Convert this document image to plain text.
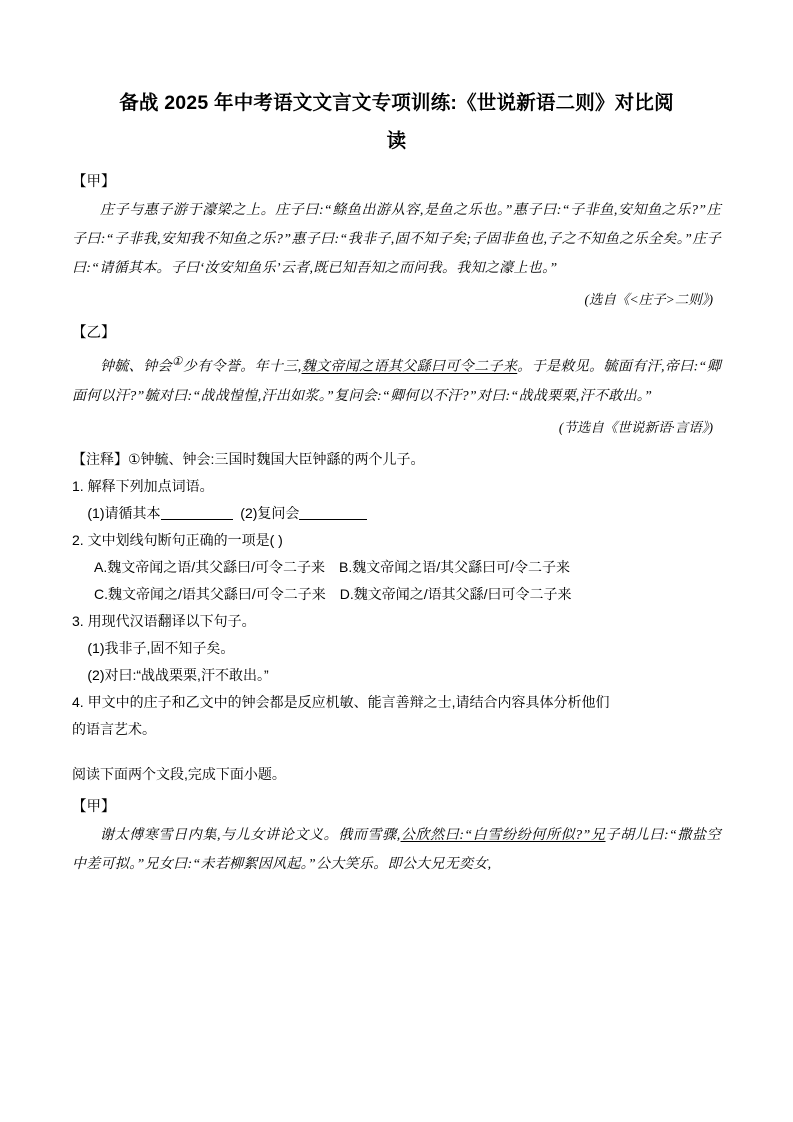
备战 2025 年中考语文文言文专项训练:《世说新语二则》对比阅
读

【甲】

庄子与惠子游于濠梁之上。庄子曰:“鲦鱼出游从容,是鱼之乐也。”惠子曰:“子非鱼,安知鱼之乐?”庄子曰:“子非我,安知我不知鱼之乐?”惠子曰:“我非子,固不知子矣;子固非鱼也,子之不知鱼之乐全矣。”庄子曰:“请循其本。子曰‘汝安知鱼乐’云者,既已知吾知之而问我。我知之濠上也。”

(选自《<庄子>二则》)

【乙】

钟毓、钟会①少有令誉。年十三,魏文帝闻之语其父繇曰可令二子来。于是敕见。毓面有汗,帝曰:“卿面何以汗?”毓对曰:“战战惶惶,汗出如浆。”复问会:“卿何以不汗?”对曰:“战战栗栗,汗不敢出。”

(节选自《世说新语·言语》)

【注释】①钟毓、钟会:三国时魏国大臣钟繇的两个儿子。

1. 解释下列加点词语。

(1)请循其本	(2)复问会

2. 文中划线句断句正确的一项是( )

A.魏文帝闻之语/其父繇曰/可令二子来 B.魏文帝闻之语/其父繇曰可/令二子来

C.魏文帝闻之/语其父繇曰/可令二子来 D.魏文帝闻之/语其父繇/曰可令二子来

3. 用现代汉语翻译以下句子。

(1)我非子,固不知子矣。

(2)对曰:“战战栗栗,汗不敢出。”

4. 甲文中的庄子和乙文中的钟会都是反应机敏、能言善辩之士,请结合内容具体分析他们

的语言艺术。

阅读下面两个文段,完成下面小题。

【甲】

谢太傅寒雪日内集,与儿女讲论文义。俄而雪骤,公欣然曰:“白雪纷纷何所似?”兄子胡儿曰:“撒盐空中差可拟。”兄女曰:“未若柳絮因风起。”公大笑乐。即公大兄无奕女,
